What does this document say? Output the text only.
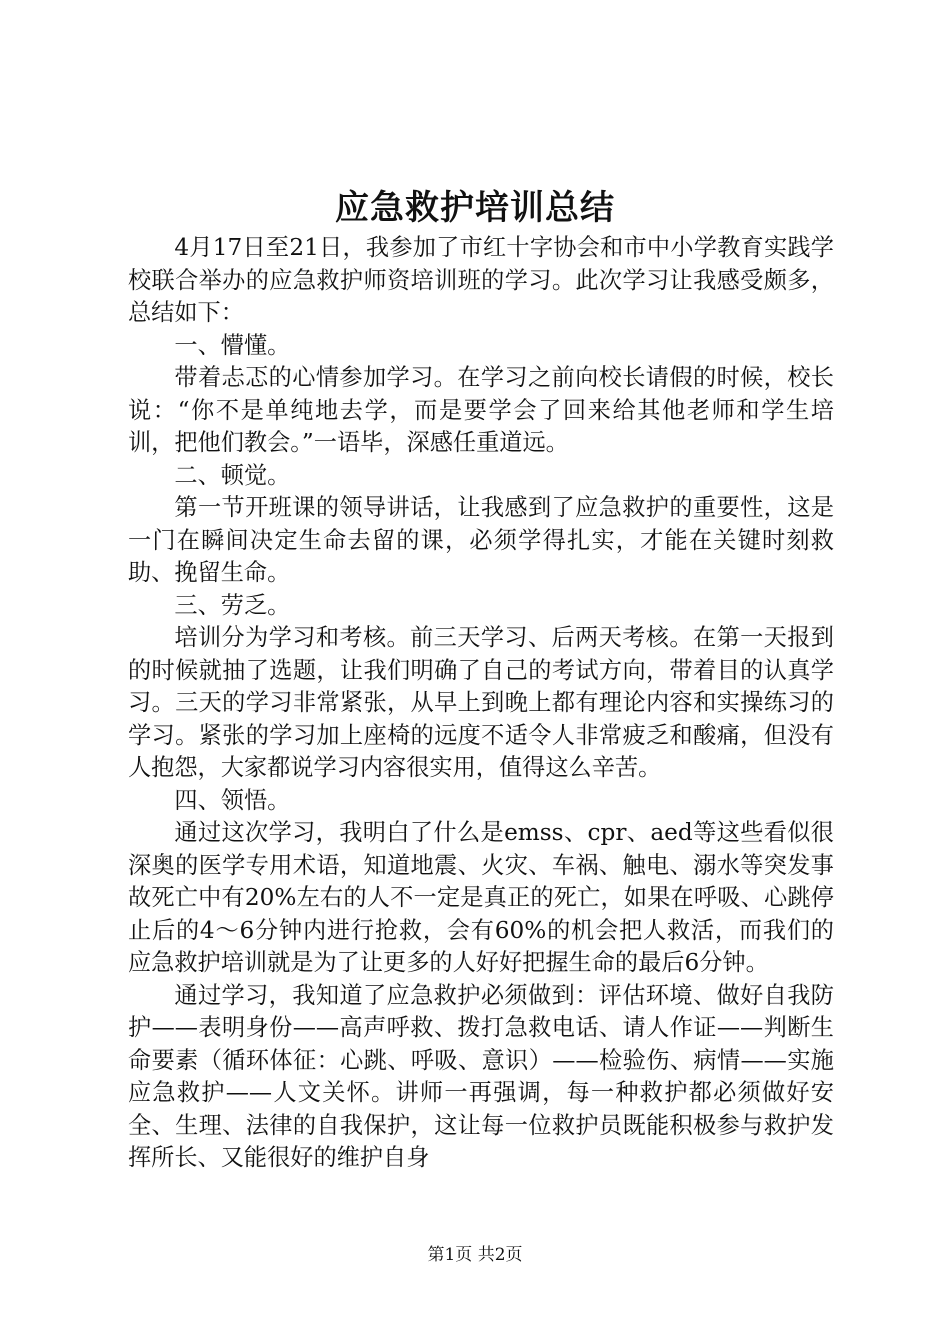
应急救护培训总结

4月17日至21日，我参加了市红十字协会和市中小学教育实践学校联合举办的应急救护师资培训班的学习。此次学习让我感受颇多，总结如下：

一、懵懂。

带着忐忑的心情参加学习。在学习之前向校长请假的时候，校长说：“你不是单纯地去学，而是要学会了回来给其他老师和学生培训，把他们教会。”一语毕，深感任重道远。

二、顿觉。

第一节开班课的领导讲话，让我感到了应急救护的重要性，这是一门在瞬间决定生命去留的课，必须学得扎实，才能在关键时刻救助、挽留生命。

三、劳乏。

培训分为学习和考核。前三天学习、后两天考核。在第一天报到的时候就抽了选题，让我们明确了自己的考试方向，带着目的认真学习。三天的学习非常紧张，从早上到晚上都有理论内容和实操练习的学习。紧张的学习加上座椅的远度不适令人非常疲乏和酸痛，但没有人抱怨，大家都说学习内容很实用，值得这么辛苦。

四、领悟。

通过这次学习，我明白了什么是emss、cpr、aed等这些看似很深奥的医学专用术语，知道地震、火灾、车祸、触电、溺水等突发事故死亡中有20%左右的人不一定是真正的死亡，如果在呼吸、心跳停止后的4～6分钟内进行抢救，会有60%的机会把人救活，而我们的应急救护培训就是为了让更多的人好好把握生命的最后6分钟。

通过学习，我知道了应急救护必须做到：评估环境、做好自我防护——表明身份——高声呼救、拨打急救电话、请人作证——判断生命要素（循环体征：心跳、呼吸、意识）——检验伤、病情——实施应急救护——人文关怀。讲师一再强调，每一种救护都必须做好安全、生理、法律的自我保护，这让每一位救护员既能积极参与救护发挥所长、又能很好的维护自身

第1页 共2页
